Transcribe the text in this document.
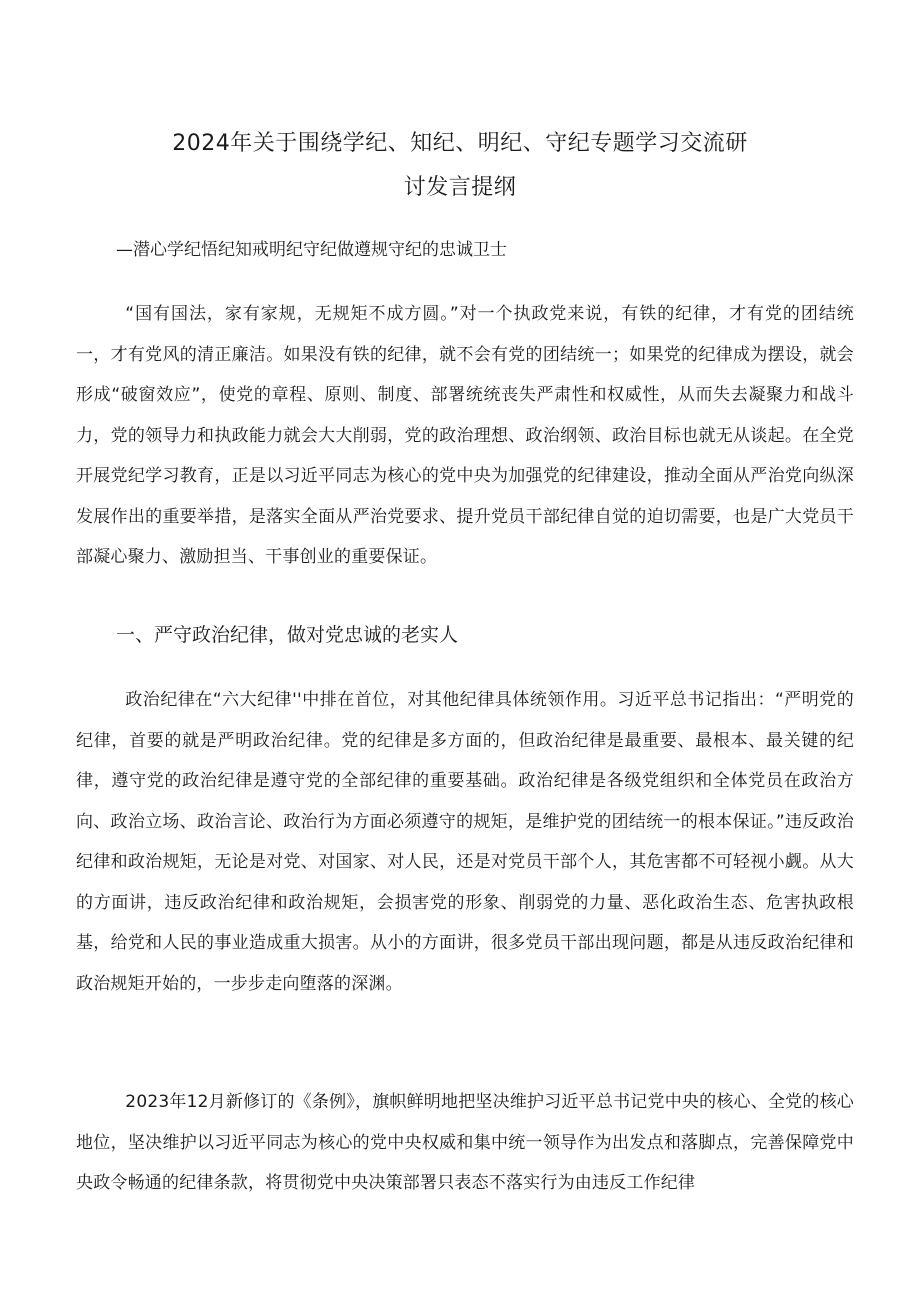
2024年关于围绕学纪、知纪、明纪、守纪专题学习交流研
讨发言提纲

—潜心学纪悟纪知戒明纪守纪做遵规守纪的忠诚卫士

“国有国法，家有家规，无规矩不成方圆。”对一个执政党来说，有铁的纪律，才有党的团结统一，才有党风的清正廉洁。如果没有铁的纪律，就不会有党的团结统一；如果党的纪律成为摆设，就会形成“破窗效应”，使党的章程、原则、制度、部署统统丧失严肃性和权威性，从而失去凝聚力和战斗力，党的领导力和执政能力就会大大削弱，党的政治理想、政治纲领、政治目标也就无从谈起。在全党开展党纪学习教育，正是以习近平同志为核心的党中央为加强党的纪律建设，推动全面从严治党向纵深发展作出的重要举措，是落实全面从严治党要求、提升党员干部纪律自觉的迫切需要，也是广大党员干部凝心聚力、激励担当、干事创业的重要保证。

一、严守政治纪律，做对党忠诚的老实人

政治纪律在“六大纪律''中排在首位，对其他纪律具体统领作用。习近平总书记指出：“严明党的纪律，首要的就是严明政治纪律。党的纪律是多方面的，但政治纪律是最重要、最根本、最关键的纪律，遵守党的政治纪律是遵守党的全部纪律的重要基础。政治纪律是各级党组织和全体党员在政治方向、政治立场、政治言论、政治行为方面必须遵守的规矩，是维护党的团结统一的根本保证。”违反政治纪律和政治规矩，无论是对党、对国家、对人民，还是对党员干部个人，其危害都不可轻视小觑。从大的方面讲，违反政治纪律和政治规矩，会损害党的形象、削弱党的力量、恶化政治生态、危害执政根基，给党和人民的事业造成重大损害。从小的方面讲，很多党员干部出现问题，都是从违反政治纪律和政治规矩开始的，一步步走向堕落的深渊。

2023年12月新修订的《条例》，旗帜鲜明地把坚决维护习近平总书记党中央的核心、全党的核心地位，坚决维护以习近平同志为核心的党中央权威和集中统一领导作为出发点和落脚点，完善保障党中央政令畅通的纪律条款，将贯彻党中央决策部署只表态不落实行为由违反工作纪律
